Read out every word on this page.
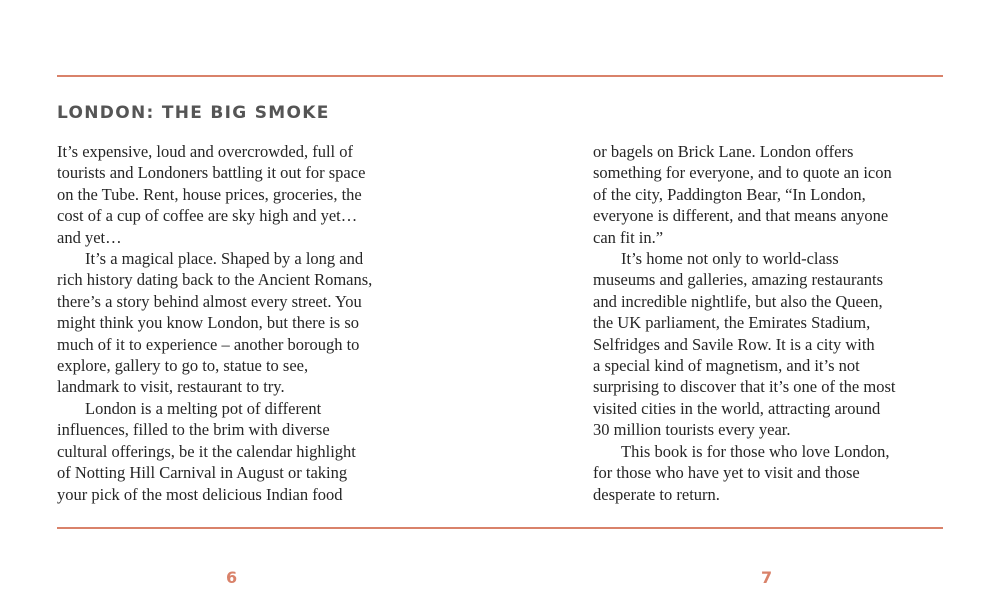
LONDON: THE BIG SMOKE
It’s expensive, loud and overcrowded, full of
tourists and Londoners battling it out for space
on the Tube. Rent, house prices, groceries, the
cost of a cup of coffee are sky high and yet…
and yet…
It’s a magical place. Shaped by a long and
rich history dating back to the Ancient Romans,
there’s a story behind almost every street. You
might think you know London, but there is so
much of it to experience – another borough to
explore, gallery to go to, statue to see,
landmark to visit, restaurant to try.
London is a melting pot of different
influences, filled to the brim with diverse
cultural offerings, be it the calendar highlight
of Notting Hill Carnival in August or taking
your pick of the most delicious Indian food
or bagels on Brick Lane. London offers
something for everyone, and to quote an icon
of the city, Paddington Bear, “In London,
everyone is different, and that means anyone
can fit in.”
It’s home not only to world-class
museums and galleries, amazing restaurants
and incredible nightlife, but also the Queen,
the UK parliament, the Emirates Stadium,
Selfridges and Savile Row. It is a city with
a special kind of magnetism, and it’s not
surprising to discover that it’s one of the most
visited cities in the world, attracting around
30 million tourists every year.
This book is for those who love London,
for those who have yet to visit and those
desperate to return.
6	7
